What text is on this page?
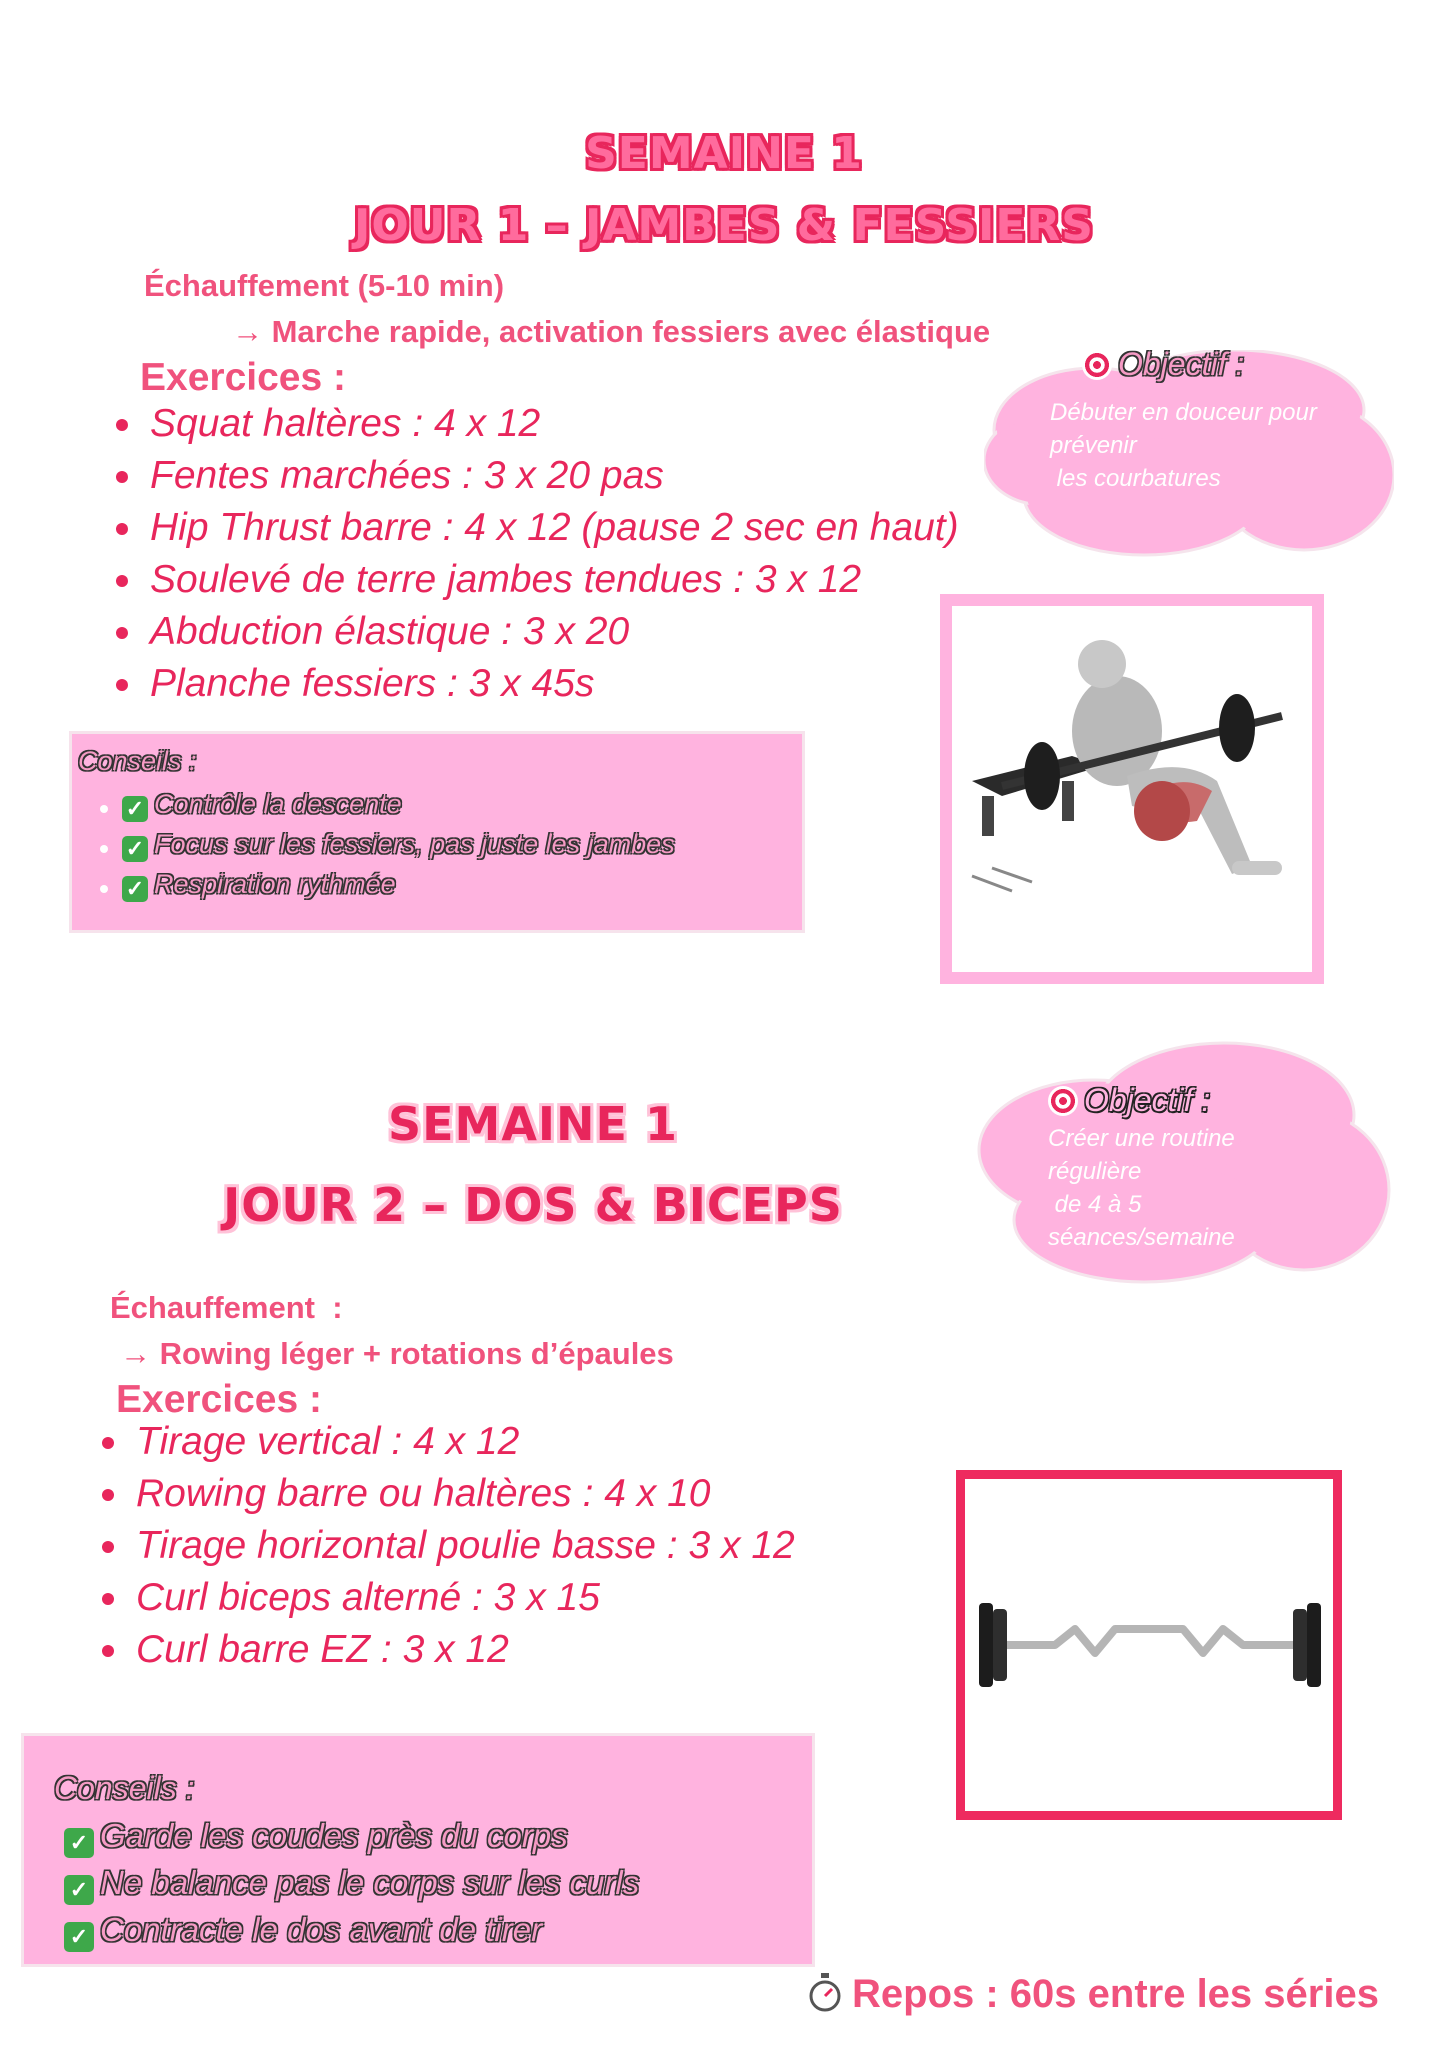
SEMAINE 1
JOUR 1 – JAMBES & FESSIERS
Échauffement (5-10 min)
→ Marche rapide, activation fessiers avec élastique
Exercices :
Squat haltères : 4 x 12
Fentes marchées : 3 x 20 pas
Hip Thrust barre : 4 x 12 (pause 2 sec en haut)
Soulevé de terre jambes tendues : 3 x 12
Abduction élastique : 3 x 20
Planche fessiers : 3 x 45s
Objectif :
Débuter en douceur pour
prévenir
les courbatures
Conseils :
✓ Contrôle la descente
✓ Focus sur les fessiers, pas juste les jambes
✓ Respiration rythmée
SEMAINE 1
JOUR 2 – DOS & BICEPS
Objectif :
Créer une routine
régulière
de 4 à 5
séances/semaine
Échauffement  :
→ Rowing léger + rotations d’épaules
Exercices :
Tirage vertical : 4 x 12
Rowing barre ou haltères : 4 x 10
Tirage horizontal poulie basse : 3 x 12
Curl biceps alterné : 3 x 15
Curl barre EZ : 3 x 12
Conseils :
✓ Garde les coudes près du corps
✓ Ne balance pas le corps sur les curls
✓ Contracte le dos avant de tirer
Repos : 60s entre les séries
